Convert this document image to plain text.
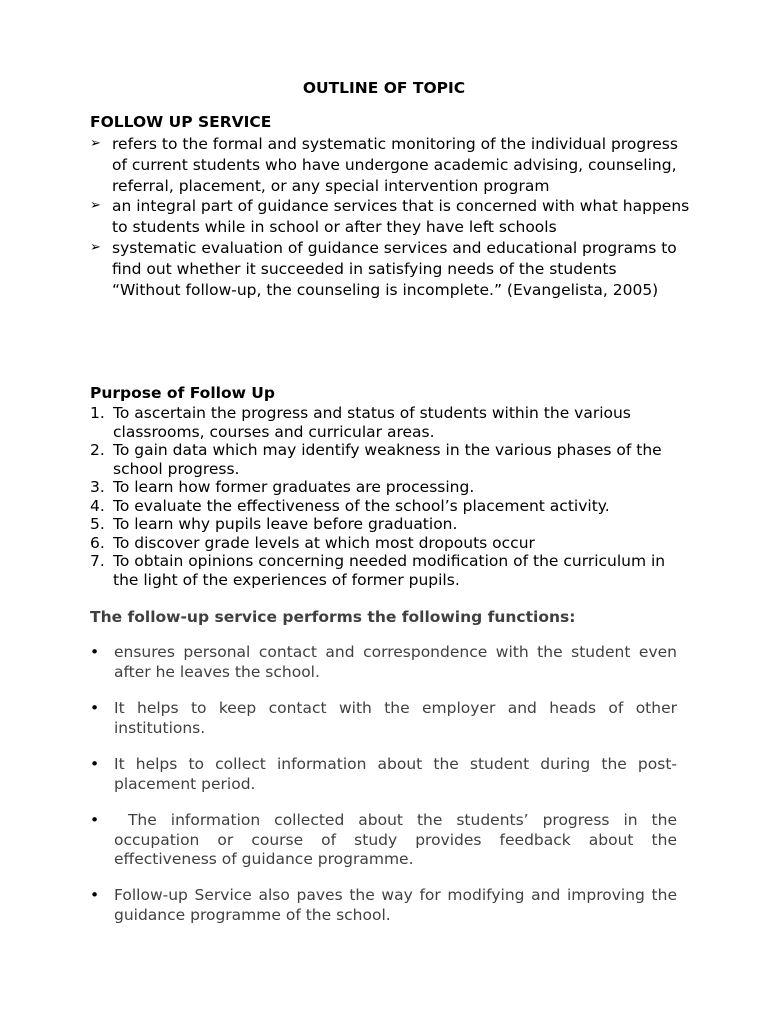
OUTLINE OF TOPIC
FOLLOW UP SERVICE
➢ refers to the formal and systematic monitoring of the individual progress of current students who have undergone academic advising, counseling, referral, placement, or any special intervention program
➢ an integral part of guidance services that is concerned with what happens to students while in school or after they have left schools
➢ systematic evaluation of guidance services and educational programs to find out whether it succeeded in satisfying needs of the students
“Without follow-up, the counseling is incomplete.” (Evangelista, 2005)
Purpose of Follow Up
1. To ascertain the progress and status of students within the various classrooms, courses and curricular areas.
2. To gain data which may identify weakness in the various phases of the school progress.
3. To learn how former graduates are processing.
4. To evaluate the effectiveness of the school’s placement activity.
5. To learn why pupils leave before graduation.
6. To discover grade levels at which most dropouts occur
7. To obtain opinions concerning needed modification of the curriculum in the light of the experiences of former pupils.
The follow-up service performs the following functions:
• ensures personal contact and correspondence with the student even after he leaves the school.
• It helps to keep contact with the employer and heads of other institutions.
• It helps to collect information about the student during the post-placement period.
• The information collected about the students’ progress in the occupation or course of study provides feedback about the effectiveness of guidance programme.
• Follow-up Service also paves the way for modifying and improving the guidance programme of the school.
